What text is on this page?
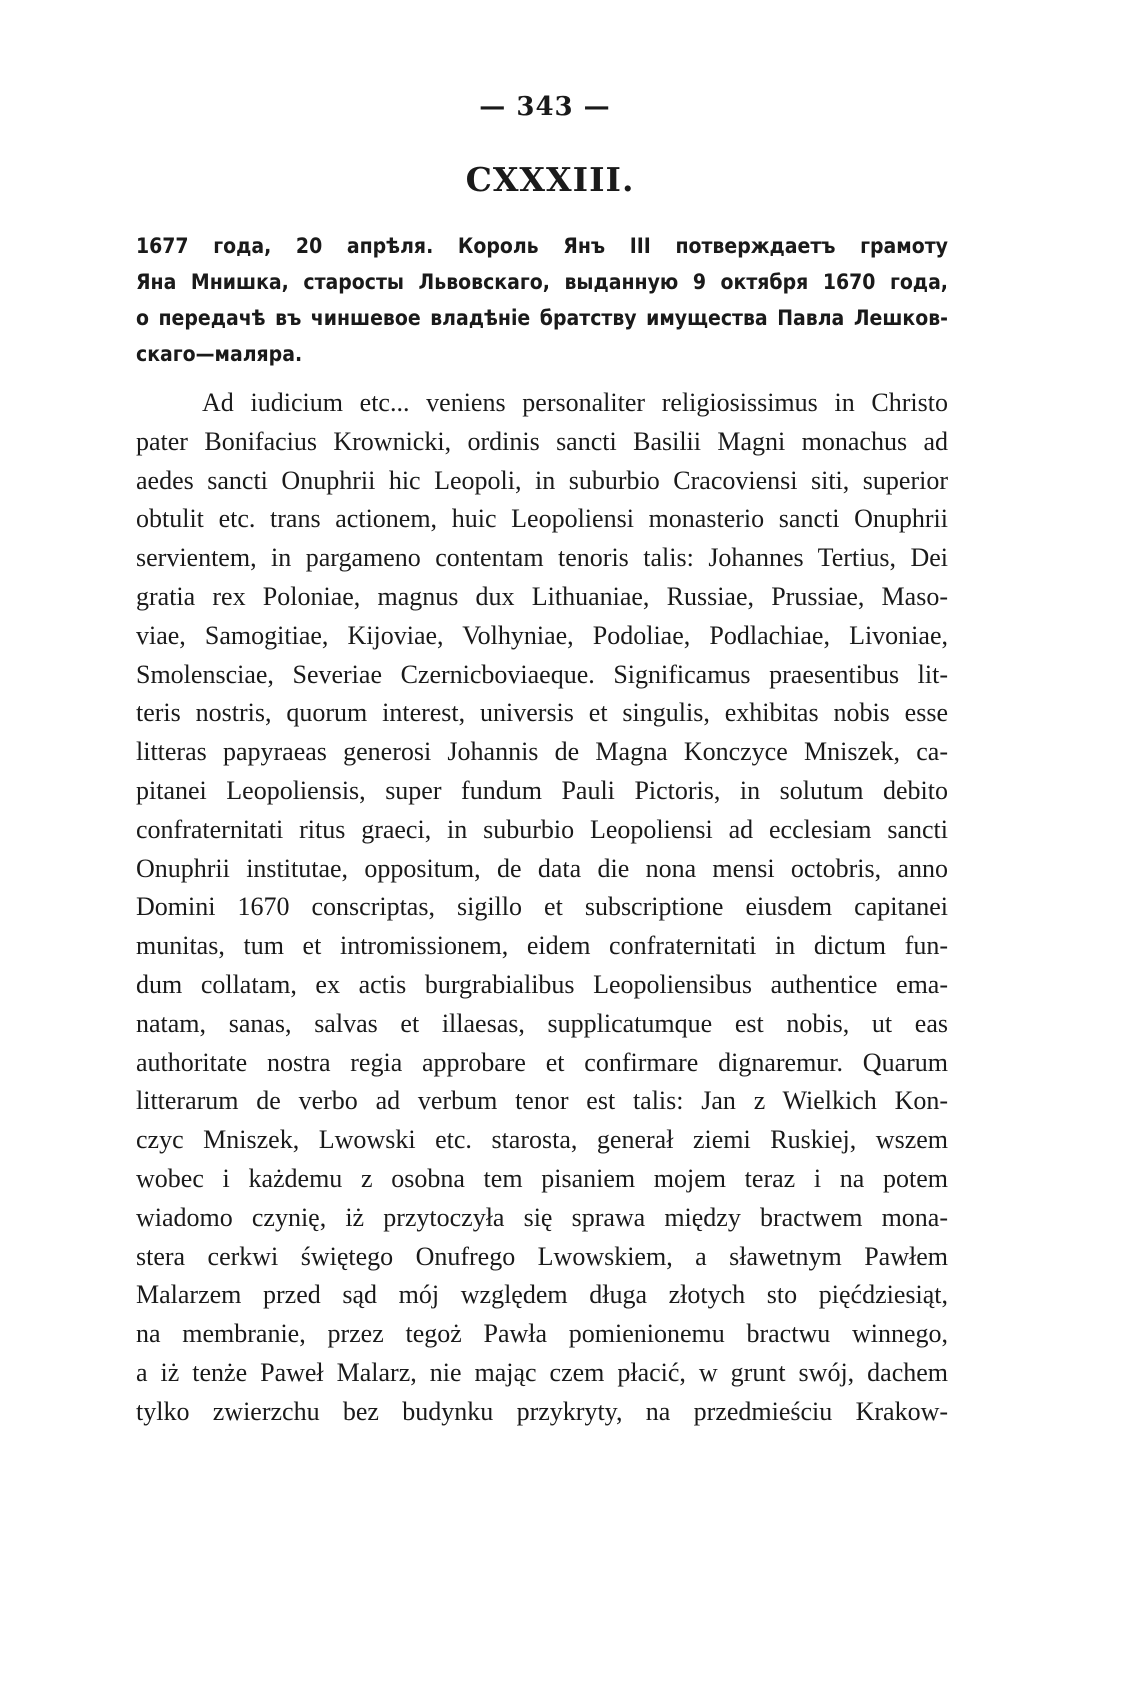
— 343 —
CXXXIII.
1677 года, 20 апрѣля. Король Янъ III потверждаетъ грамоту
Яна Мнишка, старосты Львовскаго, выданную 9 октября 1670 года,
о передачѣ въ чиншевое владѣніе братству имущества Павла Лешков-
скаго—маляра.
Ad iudicium etc... veniens personaliter religiosissimus in Christo
pater Bonifacius Krownicki, ordinis sancti Basilii Magni monachus ad
aedes sancti Onuphrii hic Leopoli, in suburbio Cracoviensi siti, superior
obtulit etc. trans actionem, huic Leopoliensi monasterio sancti Onuphrii
servientem, in pargameno contentam tenoris talis: Johannes Tertius, Dei
gratia rex Poloniae, magnus dux Lithuaniae, Russiae, Prussiae, Maso-
viae, Samogitiae, Kijoviae, Volhyniae, Podoliae, Podlachiae, Livoniae,
Smolensciae, Severiae Czernicboviaeque. Significamus praesentibus lit-
teris nostris, quorum interest, universis et singulis, exhibitas nobis esse
litteras papyraeas generosi Johannis de Magna Konczyce Mniszek, ca-
pitanei Leopoliensis, super fundum Pauli Pictoris, in solutum debito
confraternitati ritus graeci, in suburbio Leopoliensi ad ecclesiam sancti
Onuphrii institutae, oppositum, de data die nona mensi octobris, anno
Domini 1670 conscriptas, sigillo et subscriptione eiusdem capitanei
munitas, tum et intromissionem, eidem confraternitati in dictum fun-
dum collatam, ex actis burgrabialibus Leopoliensibus authentice ema-
natam, sanas, salvas et illaesas, supplicatumque est nobis, ut eas
authoritate nostra regia approbare et confirmare dignaremur. Quarum
litterarum de verbo ad verbum tenor est talis: Jan z Wielkich Kon-
czyc Mniszek, Lwowski etc. starosta, generał ziemi Ruskiej, wszem
wobec i każdemu z osobna tem pisaniem mojem teraz i na potem
wiadomo czynię, iż przytoczyła się sprawa między bractwem mona-
stera cerkwi świętego Onufrego Lwowskiem, a sławetnym Pawłem
Malarzem przed sąd mój względem długa złotych sto pięćdziesiąt,
na membranie, przez tegoż Pawła pomienionemu bractwu winnego,
a iż tenże Paweł Malarz, nie mając czem płacić, w grunt swój, dachem
tylko zwierzchu bez budynku przykryty, na przedmieściu Krakow-
